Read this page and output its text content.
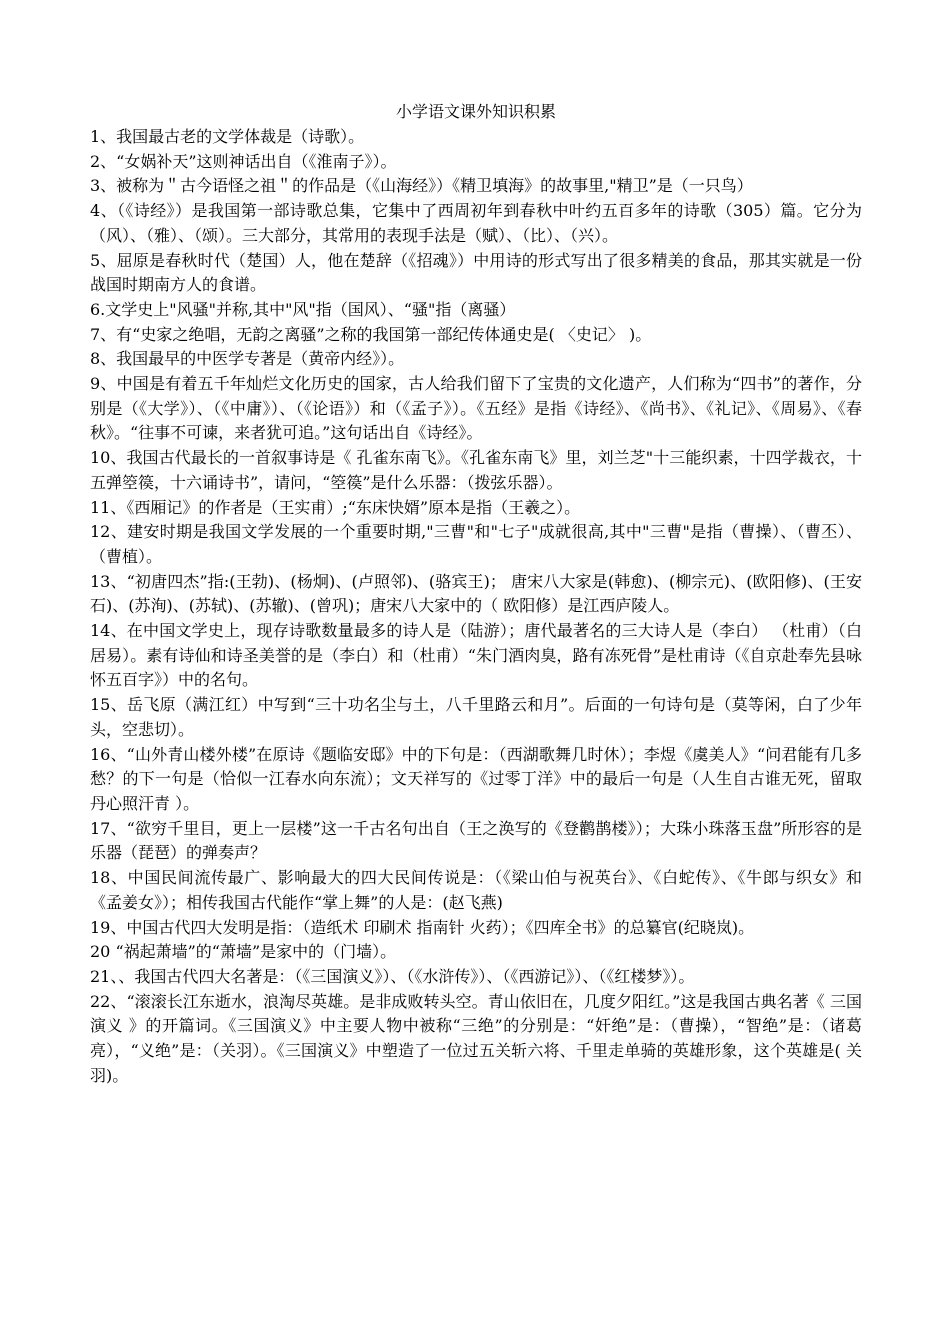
小学语文课外知识积累

1、我国最古老的文学体裁是（诗歌）。

2、“女娲补天”这则神话出自（《淮南子》）。

3、被称为＂古今语怪之祖＂的作品是（《山海经》）《精卫填海》的故事里,"精卫”是（一只鸟）

4、（《诗经》）是我国第一部诗歌总集，它集中了西周初年到春秋中叶约五百多年的诗歌（305）篇。它分为（风）、（雅）、（颂）。三大部分，其常用的表现手法是（赋）、（比）、（兴）。

5、屈原是春秋时代（楚国）人，他在楚辞（《招魂》）中用诗的形式写出了很多精美的食品，那其实就是一份战国时期南方人的食谱。

6.文学史上"风骚"并称,其中"风"指（国风）、“骚"指（离骚）

7、有“史家之绝唱，无韵之离骚”之称的我国第一部纪传体通史是( 〈史记〉 )。

8、我国最早的中医学专著是（黄帝内经》）。

9、中国是有着五千年灿烂文化历史的国家，古人给我们留下了宝贵的文化遗产，人们称为“四书”的著作，分别是（《大学》）、（《中庸》）、（《论语》）和（《孟子》）。《五经》是指《诗经》、《尚书》、《礼记》、《周易》、《春秋》。“往事不可谏，来者犹可追。”这句话出自《诗经》。

10、我国古代最长的一首叙事诗是《 孔雀东南飞》。《孔雀东南飞》里，刘兰芝"十三能织素，十四学裁衣，十五弹箜篌，十六诵诗书”，请问，“箜篌”是什么乐器：（拨弦乐器）。

11、《西厢记》的作者是（王实甫）;“东床快婿”原本是指（王羲之）。

12、建安时期是我国文学发展的一个重要时期,"三曹"和"七子"成就很高,其中"三曹"是指（曹操）、（曹丕）、（曹植）。

13、“初唐四杰”指:(王勃)、(杨炯)、(卢照邻)、(骆宾王)； 唐宋八大家是(韩愈)、(柳宗元)、(欧阳修)、(王安石)、(苏洵)、(苏轼)、(苏辙)、(曾巩)；唐宋八大家中的（ 欧阳修）是江西庐陵人。

14、在中国文学史上，现存诗歌数量最多的诗人是（陆游）；唐代最著名的三大诗人是（李白） （杜甫）（白居易）。素有诗仙和诗圣美誉的是（李白）和（杜甫）“朱门酒肉臭，路有冻死骨”是杜甫诗（《自京赴奉先县咏怀五百字》）中的名句。

15、岳飞原（满江红）中写到“三十功名尘与土，八千里路云和月”。后面的一句诗句是（莫等闲，白了少年头，空悲切）。

16、“山外青山楼外楼”在原诗《题临安邸》中的下句是：（西湖歌舞几时休）；李煜《虞美人》“问君能有几多愁？的下一句是（恰似一江春水向东流）；文天祥写的《过零丁洋》中的最后一句是（人生自古谁无死，留取丹心照汗青 ）。

17、“欲穷千里目，更上一层楼”这一千古名句出自（王之涣写的《登鹳鹊楼》）；大珠小珠落玉盘”所形容的是乐器（琵琶）的弹奏声？

18、中国民间流传最广、影响最大的四大民间传说是：（《梁山伯与祝英台》、《白蛇传》、《牛郎与织女》和《孟姜女》）；相传我国古代能作“掌上舞”的人是：(赵飞燕)

19、中国古代四大发明是指：（造纸术 印刷术 指南针 火药）；《四库全书》的总纂官(纪晓岚)。

20 “祸起萧墙”的“萧墙”是家中的（门墙）。

21、、我国古代四大名著是：（《三国演义》）、（《水浒传》）、（《西游记》）、（《红楼梦》）。

22、“滚滚长江东逝水，浪淘尽英雄。是非成败转头空。青山依旧在，几度夕阳红。”这是我国古典名著《 三国演义 》的开篇词。《三国演义》中主要人物中被称“三绝”的分别是：“奸绝”是：（曹操），“智绝”是：（诸葛亮），“义绝”是：（关羽）。《三国演义》中塑造了一位过五关斩六将、千里走单骑的英雄形象，这个英雄是( 关羽)。
